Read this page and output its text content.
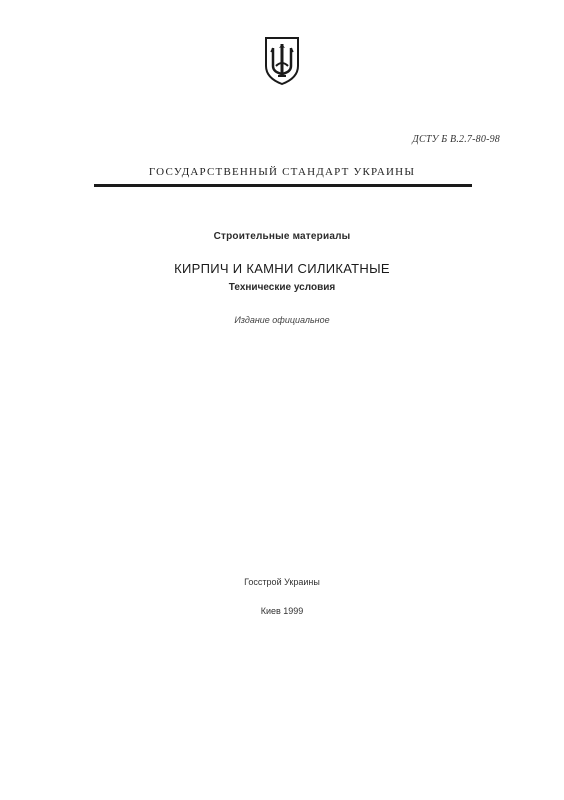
ДСТУ Б В.2.7-80-98
ГОСУДАРСТВЕННЫЙ СТАНДАРТ УКРАИНЫ
Строительные материалы
КИРПИЧ И КАМНИ СИЛИКАТНЫЕ
Технические условия
Издание официальное
Госстрой Украины
Киев 1999
